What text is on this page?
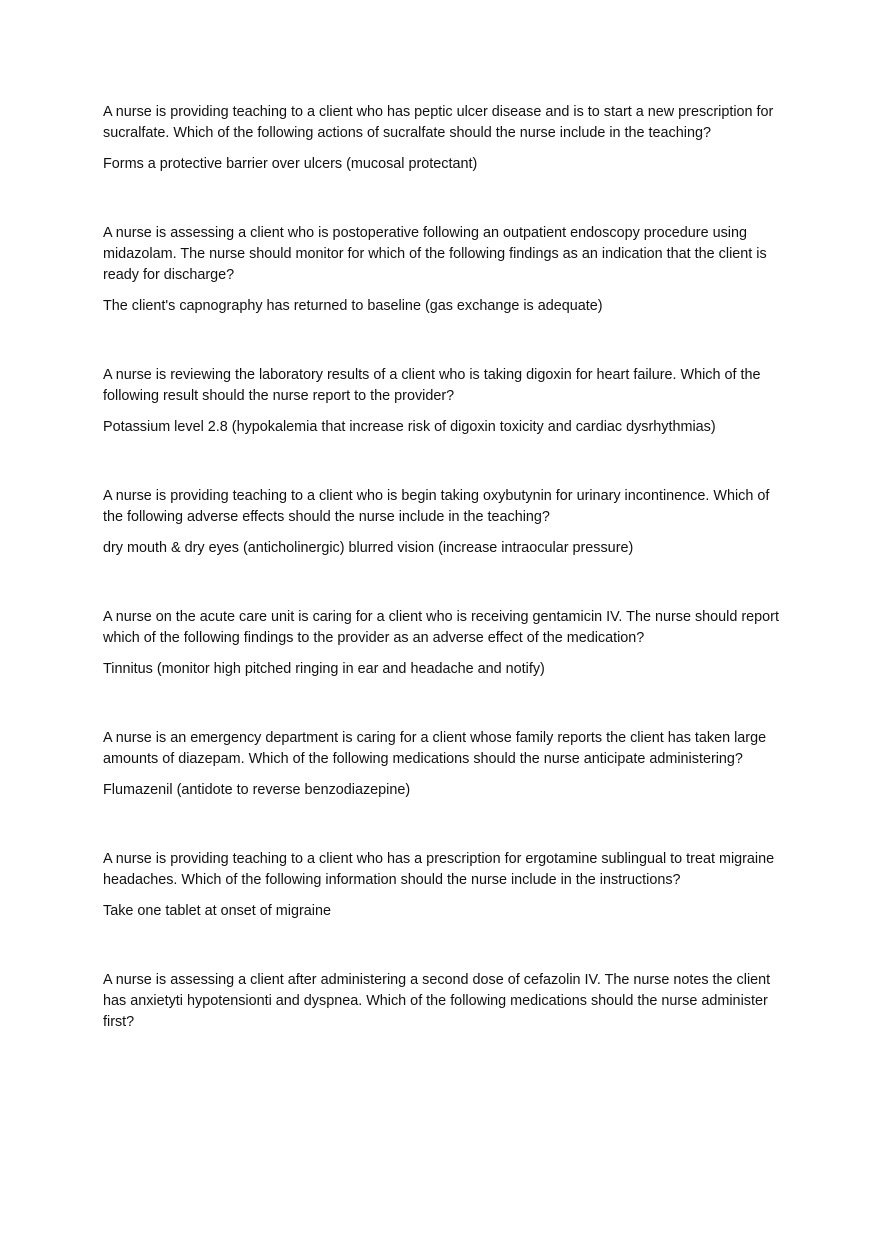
A nurse is providing teaching to a client who has peptic ulcer disease and is to start a new prescription for sucralfate. Which of the following actions of sucralfate should the nurse include in the teaching?

Forms a protective barrier over ulcers (mucosal protectant)

A nurse is assessing a client who is postoperative following an outpatient endoscopy procedure using midazolam. The nurse should monitor for which of the following findings as an indication that the client is ready for discharge?

The client's capnography has returned to baseline (gas exchange is adequate)

A nurse is reviewing the laboratory results of a client who is taking digoxin for heart failure. Which of the following result should the nurse report to the provider?

Potassium level 2.8 (hypokalemia that increase risk of digoxin toxicity and cardiac dysrhythmias)

A nurse is providing teaching to a client who is begin taking oxybutynin for urinary incontinence. Which of the following adverse effects should the nurse include in the teaching?

dry mouth & dry eyes (anticholinergic) blurred vision (increase intraocular pressure)

A nurse on the acute care unit is caring for a client who is receiving gentamicin IV. The nurse should report which of the following findings to the provider as an adverse effect of the medication?

Tinnitus (monitor high pitched ringing in ear and headache and notify)

A nurse is an emergency department is caring for a client whose family reports the client has taken large amounts of diazepam. Which of the following medications should the nurse anticipate administering?

Flumazenil (antidote to reverse benzodiazepine)

A nurse is providing teaching to a client who has a prescription for ergotamine sublingual to treat migraine headaches. Which of the following information should the nurse include in the instructions?

Take one tablet at onset of migraine

A nurse is assessing a client after administering a second dose of cefazolin IV. The nurse notes the client has anxietyti hypotensionti and dyspnea. Which of the following medications should the nurse administer first?
